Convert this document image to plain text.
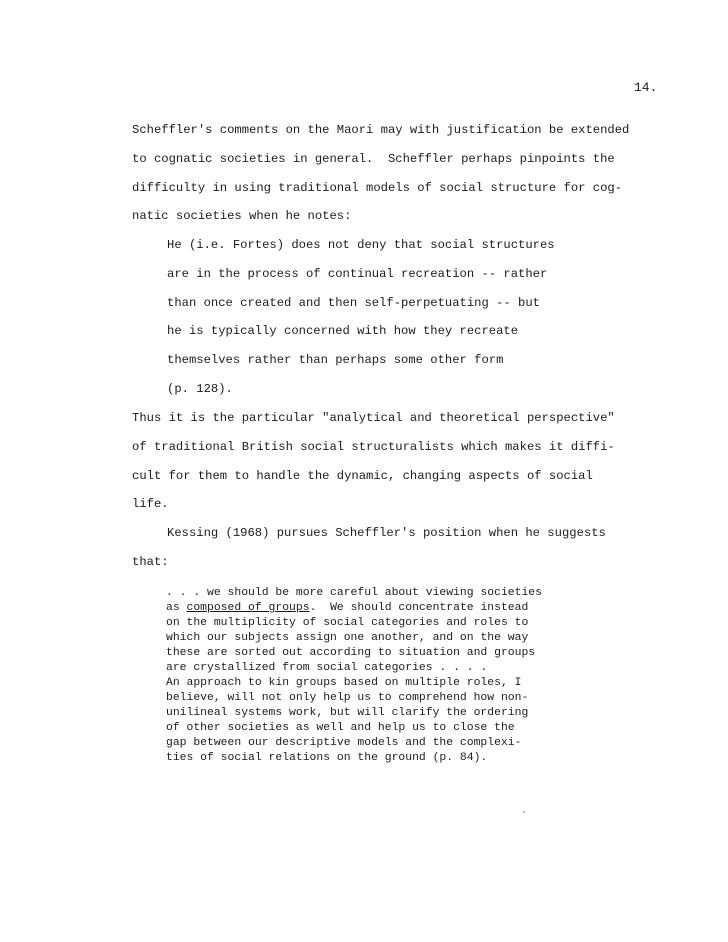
14.
Scheffler's comments on the Maori may with justification be extended
to cognatic societies in general.  Scheffler perhaps pinpoints the
difficulty in using traditional models of social structure for cog-
natic societies when he notes:
He (i.e. Fortes) does not deny that social structures
are in the process of continual recreation -- rather
than once created and then self-perpetuating -- but
he is typically concerned with how they recreate
themselves rather than perhaps some other form
(p. 128).
Thus it is the particular "analytical and theoretical perspective"
of traditional British social structuralists which makes it diffi-
cult for them to handle the dynamic, changing aspects of social
life.
Kessing (1968) pursues Scheffler's position when he suggests
that:
. . . we should be more careful about viewing societies
as composed of groups.  We should concentrate instead
on the multiplicity of social categories and roles to
which our subjects assign one another, and on the way
these are sorted out according to situation and groups
are crystallized from social categories . . . .
An approach to kin groups based on multiple roles, I
believe, will not only help us to comprehend how non-
unilineal systems work, but will clarify the ordering
of other societies as well and help us to close the
gap between our descriptive models and the complexi-
ties of social relations on the ground (p. 84).
